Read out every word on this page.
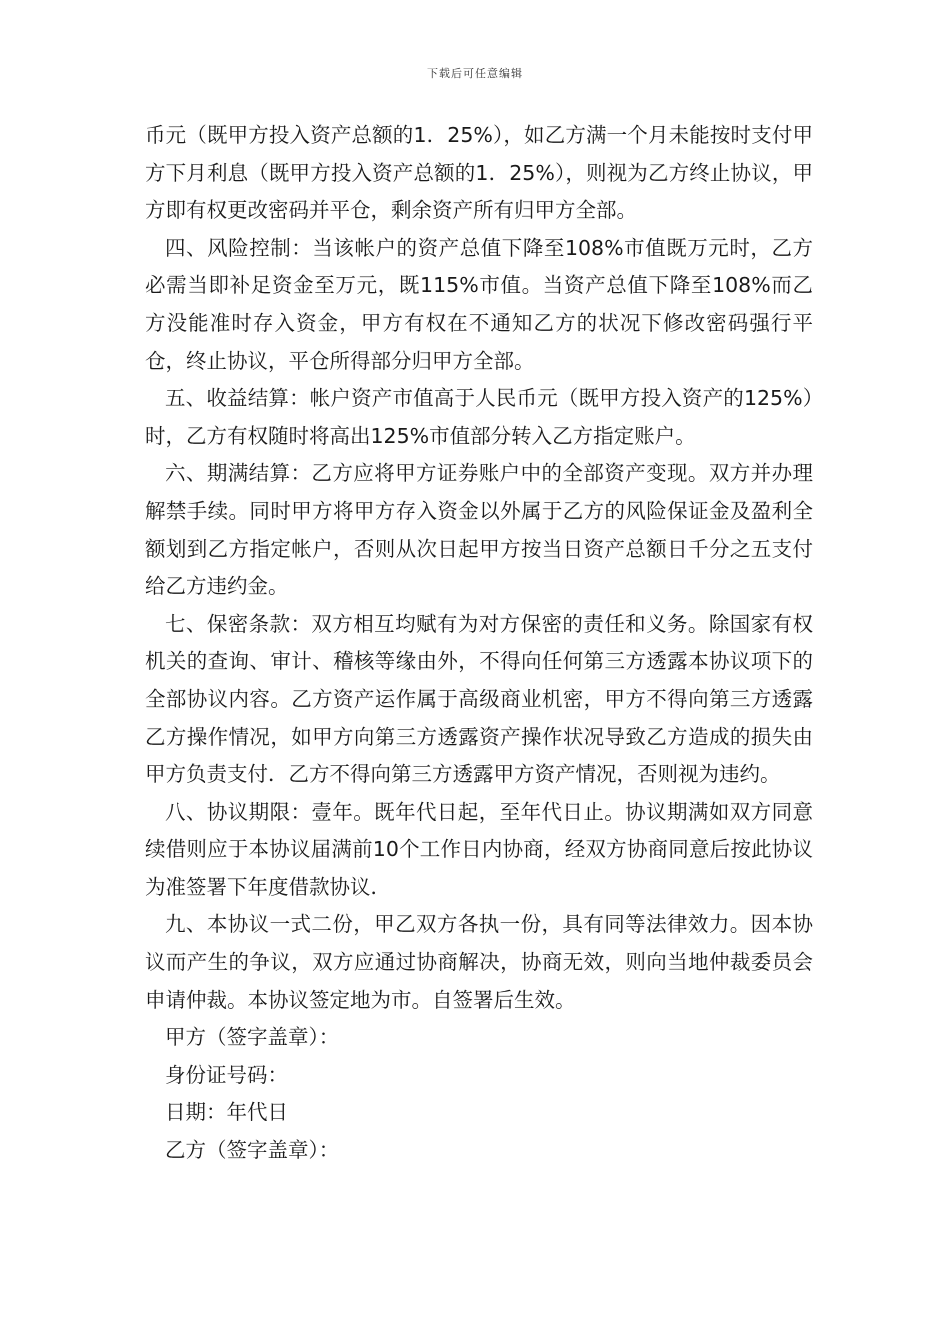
下载后可任意编辑

币元（既甲方投入资产总额的1．25%），如乙方满一个月未能按时支付甲方下月利息（既甲方投入资产总额的1．25%），则视为乙方终止协议，甲方即有权更改密码并平仓，剩余资产所有归甲方全部。

四、风险控制：当该帐户的资产总值下降至108%市值既万元时，乙方必需当即补足资金至万元，既115%市值。当资产总值下降至108%而乙方没能准时存入资金，甲方有权在不通知乙方的状况下修改密码强行平仓，终止协议，平仓所得部分归甲方全部。

五、收益结算：帐户资产市值高于人民币元（既甲方投入资产的125%）时，乙方有权随时将高出125%市值部分转入乙方指定账户。

六、期满结算：乙方应将甲方证券账户中的全部资产变现。双方并办理解禁手续。同时甲方将甲方存入资金以外属于乙方的风险保证金及盈利全额划到乙方指定帐户，否则从次日起甲方按当日资产总额日千分之五支付给乙方违约金。

七、保密条款：双方相互均赋有为对方保密的责任和义务。除国家有权机关的查询、审计、稽核等缘由外，不得向任何第三方透露本协议项下的全部协议内容。乙方资产运作属于高级商业机密，甲方不得向第三方透露乙方操作情况，如甲方向第三方透露资产操作状况导致乙方造成的损失由甲方负责支付．乙方不得向第三方透露甲方资产情况，否则视为违约。

八、协议期限：壹年。既年代日起，至年代日止。协议期满如双方同意续借则应于本协议届满前10个工作日内协商，经双方协商同意后按此协议为准签署下年度借款协议．

九、本协议一式二份，甲乙双方各执一份，具有同等法律效力。因本协议而产生的争议，双方应通过协商解决，协商无效，则向当地仲裁委员会申请仲裁。本协议签定地为市。自签署后生效。

甲方（签字盖章）：

身份证号码：

日期：年代日

乙方（签字盖章）：
